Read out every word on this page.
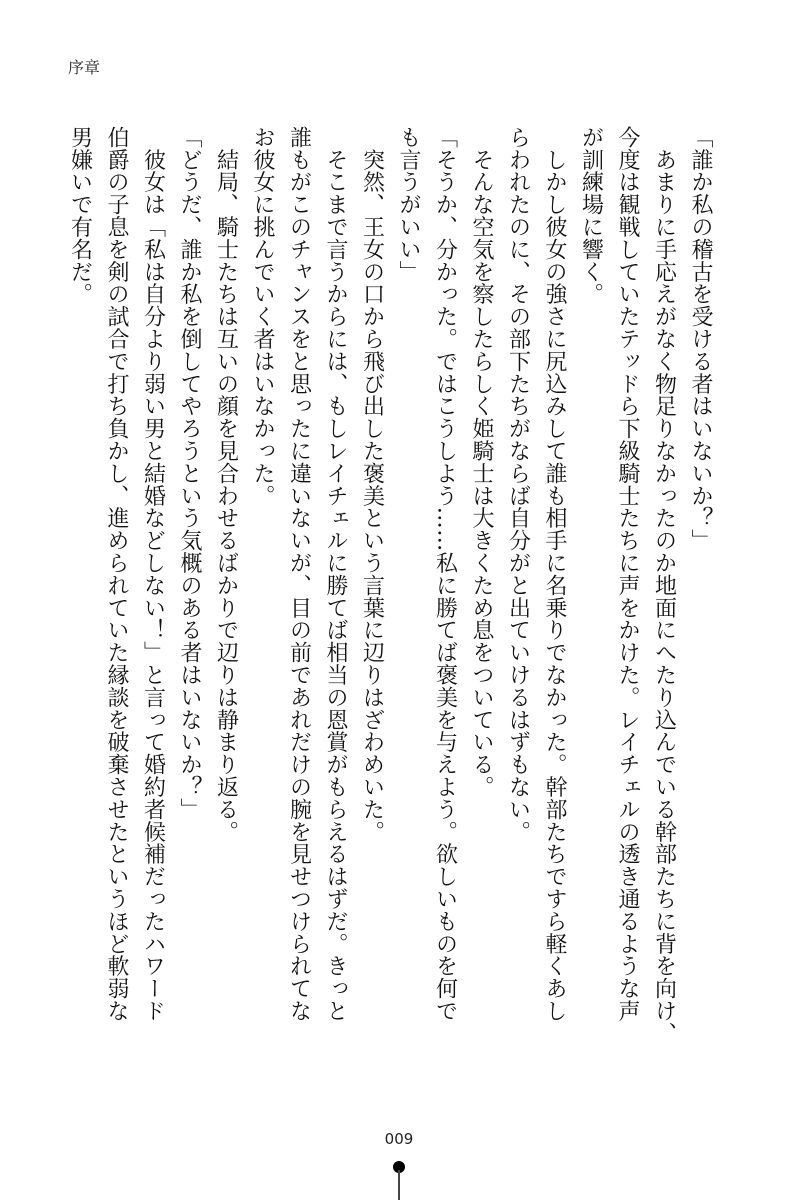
序章
「誰か私の稽古を受ける者はいないか？」
　あまりに手応えがなく物足りなかったのか地面にへたり込んでいる幹部たちに背を向け、
今度は観戦していたテッドら下級騎士たちに声をかけた。レイチェルの透き通るような声
が訓練場に響く。
　しかし彼女の強さに尻込みして誰も相手に名乗りでなかった。幹部たちですら軽くあし
らわれたのに、その部下たちがならば自分がと出ていけるはずもない。
　そんな空気を察したらしく姫騎士は大きくため息をついている。
「そうか、分かった。ではこうしよう……私に勝てば褒美を与えよう。欲しいものを何で
も言うがいい」
　突然、王女の口から飛び出した褒美という言葉に辺りはざわめいた。
　そこまで言うからには、もしレイチェルに勝てば相当の恩賞がもらえるはずだ。きっと
誰もがこのチャンスをと思ったに違いないが、目の前であれだけの腕を見せつけられてな
お彼女に挑んでいく者はいなかった。
　結局、騎士たちは互いの顔を見合わせるばかりで辺りは静まり返る。
「どうだ、誰か私を倒してやろうという気概のある者はいないか？」
　彼女は「私は自分より弱い男と結婚などしない！」と言って婚約者候補だったハワード
伯爵の子息を剣の試合で打ち負かし、進められていた縁談を破棄させたというほど軟弱な
男嫌いで有名だ。
009
